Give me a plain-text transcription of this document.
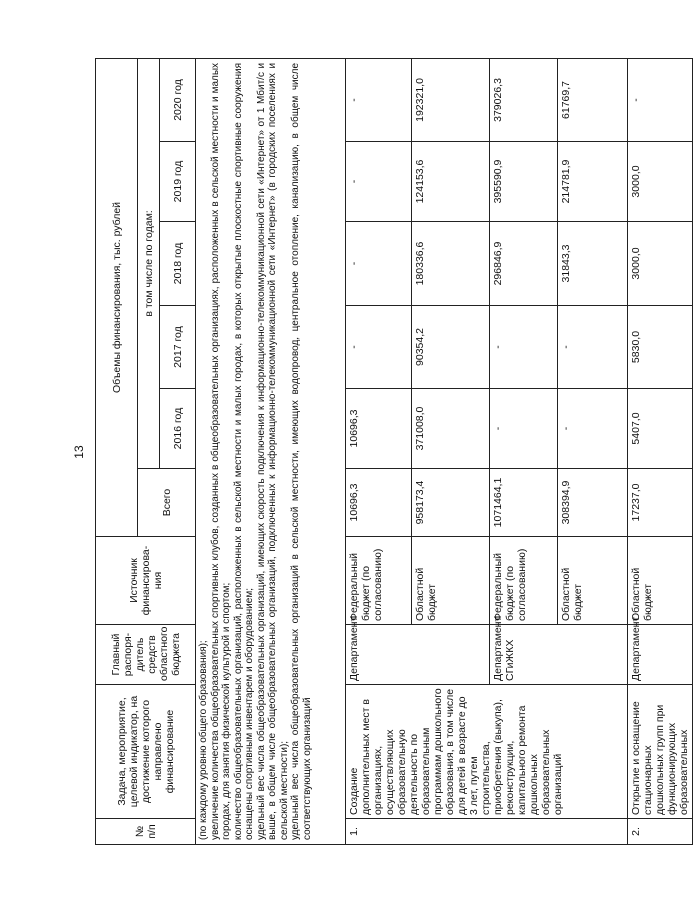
13
№ п/п	Задача, мероприятие, целевой индикатор, на достижение которого направлено финансирование	Главный распоря-дитель средств областного бюджета	Источник финансирова-ния	Объемы финансирования, тыс. рублей					
				Всего	в том числе по годам:				
					2016 год	2017 год	2018 год	2019 год	2020 год

(по каждому уровню общего образования); увеличение количества общеобразовательных спортивных клубов, созданных в общеобразовательных организациях, расположенных в сельской местности и малых городах, для занятия физической культурой и спортом; количество общеобразовательных организаций, расположенных в сельской местности и малых городах, в которых открытые плоскостные спортивные сооружения оснащены спортивным инвентарем и оборудованием; удельный вес числа общеобразовательных организаций, имеющих скорость подключения к информационно-телекоммуникационной сети «Интернет» от 1 Мбит/с и выше, в общем числе общеобразовательных организаций, подключенных к информационно-телекоммуникационной сети «Интернет» (в городских поселениях и сельской местности); удельный вес числа общеобразовательных организаций в сельской местности, имеющих водопровод, центральное отопление, канализацию, в общем числе соответствующих организаций									

1.	Создание дополнительных мест в организациях, осуществляющих образовательную деятельность по образовательным программам дошкольного образования, в том числе для детей в возрасте до 3 лет, путем строительства, приобретения (выкупа), реконструкции, капитального ремонта дошкольных образовательных организаций	Департамент	Федеральный бюджет (по согласованию)	10696,3	10696,3	-	-	-	-
			Областной бюджет	958173,4	371008,0	90354,2	180336,6	124153,6	192321,0
		Департамент СГиЖКХ	Федеральный бюджет (по согласованию)	1071464,1	-	-	296846,9	395590,9	379026,3
			Областной бюджет	308394,9	-	-	31843,3	214781,9	61769,7
2.	Открытие и оснащение стационарных дошкольных групп при функционирующих образовательных	Департамент	Областной бюджет	17237,0	5407,0	5830,0	3000,0	3000,0	-
